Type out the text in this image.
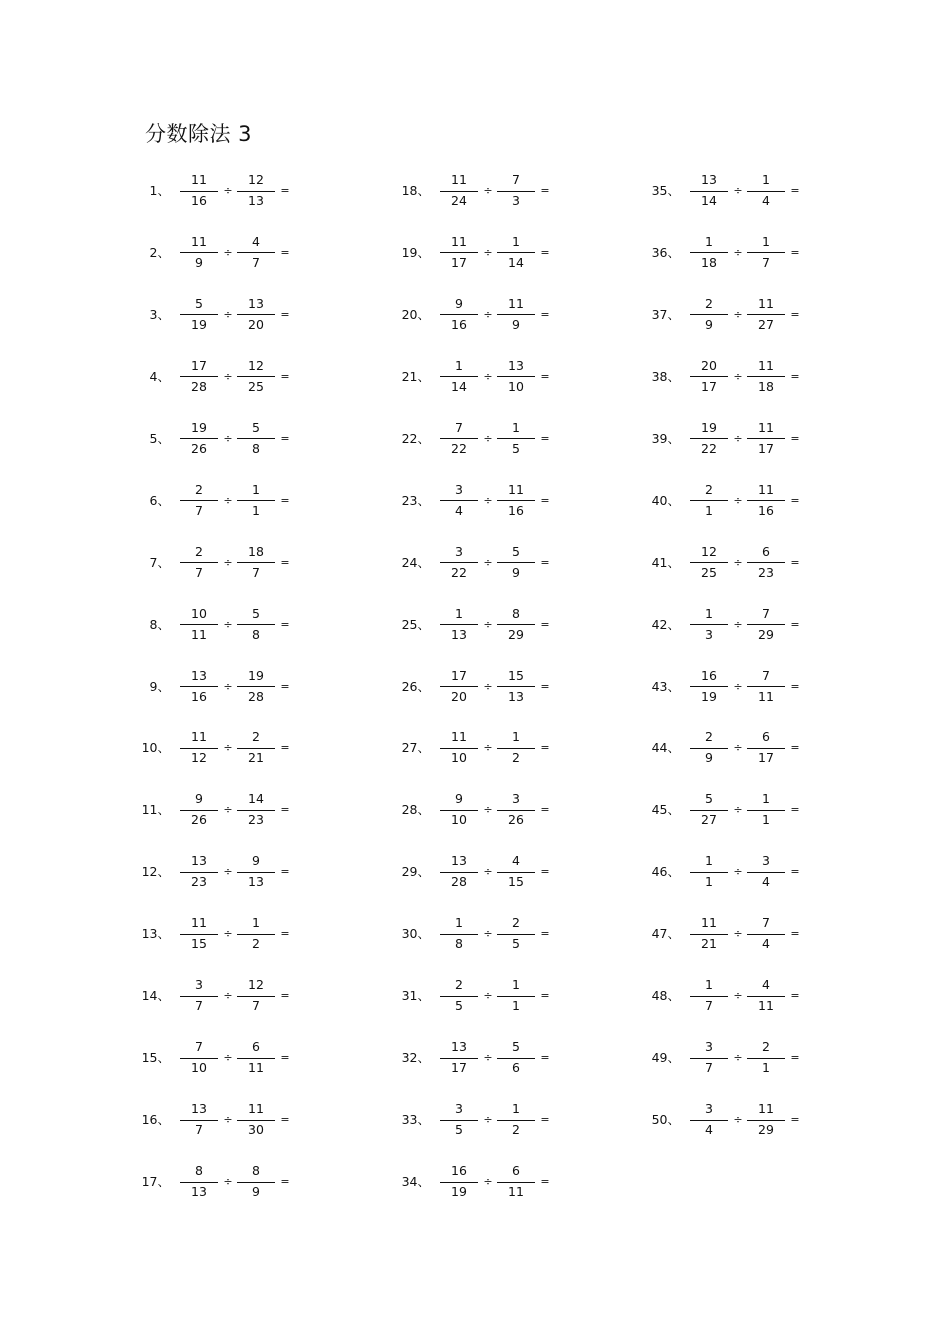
分数除法 3
1、
11
16
÷
12
13
=
2、
11
9
÷
4
7
=
3、
5
19
÷
13
20
=
4、
17
28
÷
12
25
=
5、
19
26
÷
5
8
=
6、
2
7
÷
1
1
=
7、
2
7
÷
18
7
=
8、
10
11
÷
5
8
=
9、
13
16
÷
19
28
=
10、
11
12
÷
2
21
=
11、
9
26
÷
14
23
=
12、
13
23
÷
9
13
=
13、
11
15
÷
1
2
=
14、
3
7
÷
12
7
=
15、
7
10
÷
6
11
=
16、
13
7
÷
11
30
=
17、
8
13
÷
8
9
=
18、
11
24
÷
7
3
=
19、
11
17
÷
1
14
=
20、
9
16
÷
11
9
=
21、
1
14
÷
13
10
=
22、
7
22
÷
1
5
=
23、
3
4
÷
11
16
=
24、
3
22
÷
5
9
=
25、
1
13
÷
8
29
=
26、
17
20
÷
15
13
=
27、
11
10
÷
1
2
=
28、
9
10
÷
3
26
=
29、
13
28
÷
4
15
=
30、
1
8
÷
2
5
=
31、
2
5
÷
1
1
=
32、
13
17
÷
5
6
=
33、
3
5
÷
1
2
=
34、
16
19
÷
6
11
=
35、
13
14
÷
1
4
=
36、
1
18
÷
1
7
=
37、
2
9
÷
11
27
=
38、
20
17
÷
11
18
=
39、
19
22
÷
11
17
=
40、
2
1
÷
11
16
=
41、
12
25
÷
6
23
=
42、
1
3
÷
7
29
=
43、
16
19
÷
7
11
=
44、
2
9
÷
6
17
=
45、
5
27
÷
1
1
=
46、
1
1
÷
3
4
=
47、
11
21
÷
7
4
=
48、
1
7
÷
4
11
=
49、
3
7
÷
2
1
=
50、
3
4
÷
11
29
=
